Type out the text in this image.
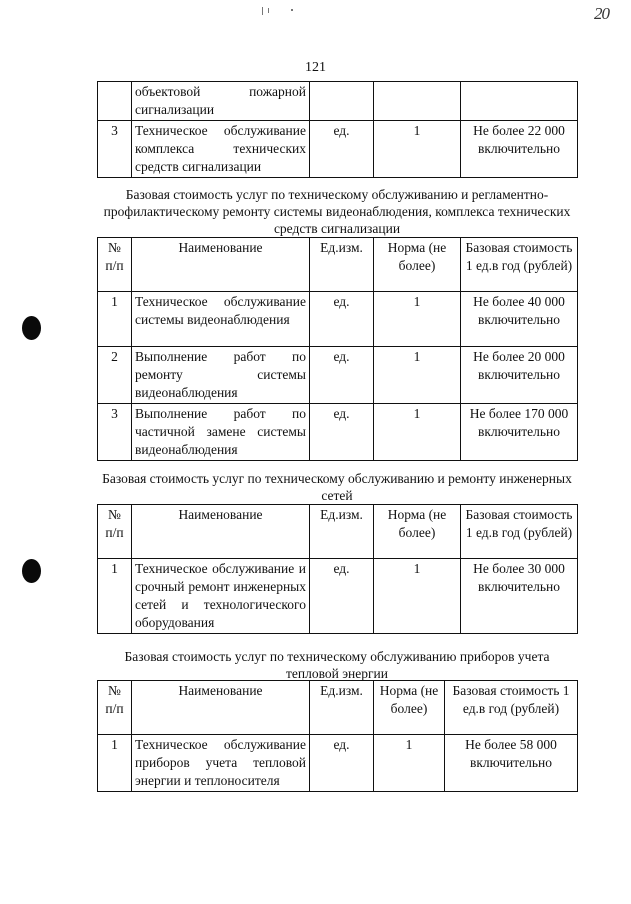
20
121
	объектовой пожарной сигнализации			
3	Техническое обслуживание комплекса технических средств сигнализации	ед.	1	Не более 22 000 включительно
Базовая стоимость услуг по техническому обслуживанию и регламентно-профилактическому ремонту системы видеонаблюдения, комплекса технических средств сигнализации
№ п/п	Наименование	Ед.изм.	Норма (не более)	Базовая стоимость 1 ед.в год (рублей)
1	Техническое обслуживание системы видеонаблюдения	ед.	1	Не более 40 000 включительно
2	Выполнение работ по ремонту системы видеонаблюдения	ед.	1	Не более 20 000 включительно
3	Выполнение работ по частичной замене системы видеонаблюдения	ед.	1	Не более 170 000 включительно
Базовая стоимость услуг по техническому обслуживанию и ремонту инженерных сетей
№ п/п	Наименование	Ед.изм.	Норма (не более)	Базовая стоимость 1 ед.в год (рублей)
1	Техническое обслуживание и срочный ремонт инженерных сетей и технологического оборудования	ед.	1	Не более 30 000 включительно
Базовая стоимость услуг по техническому обслуживанию приборов учета тепловой энергии
№ п/п	Наименование	Ед.изм.	Норма (не более)	Базовая стоимость 1 ед.в год (рублей)
1	Техническое обслуживание приборов учета тепловой энергии и теплоносителя	ед.	1	Не более 58 000 включительно
